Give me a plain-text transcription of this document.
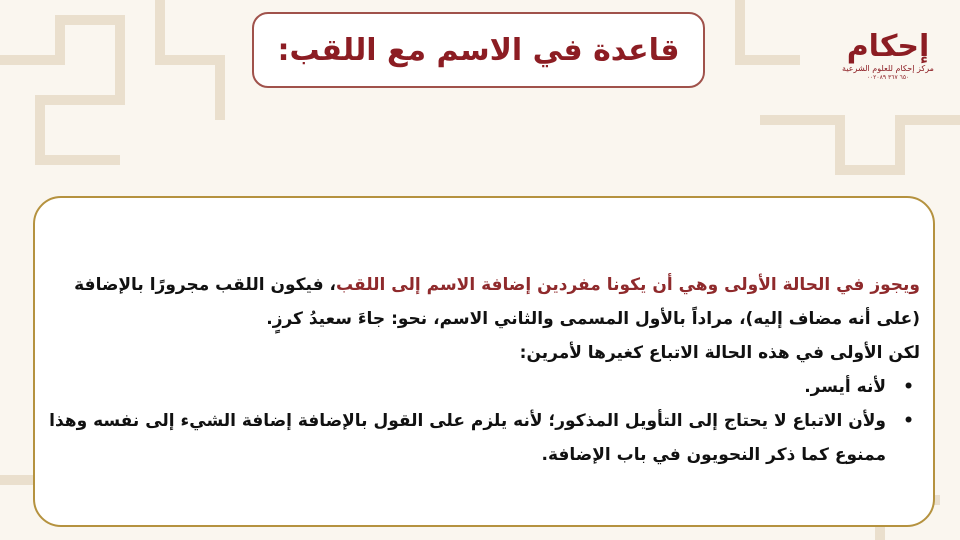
قاعدة في الاسم مع اللقب:	إحكام
مركز إحكام للعلوم الشرعية
٦٥٠ ٣٦٧ ٠٠٢٠٨٩

ويجوز في الحالة الأولى وهي أن يكونا مفردين إضافة الاسم إلى اللقب، فيكون اللقب مجرورًا بالإضافة (على أنه مضاف إليه)، مراداً بالأول المسمى والثاني الاسم، نحو: جاءَ سعيدُ كرزٍ.

لكن الأولى في هذه الحالة الاتباع كغيرها لأمرين:

•
لأنه أيسر.
•
ولأن الاتباع لا يحتاج إلى التأويل المذكور؛ لأنه يلزم على القول بالإضافة إضافة الشيء إلى نفسه وهذا ممنوع كما ذكر النحويون في باب الإضافة.
